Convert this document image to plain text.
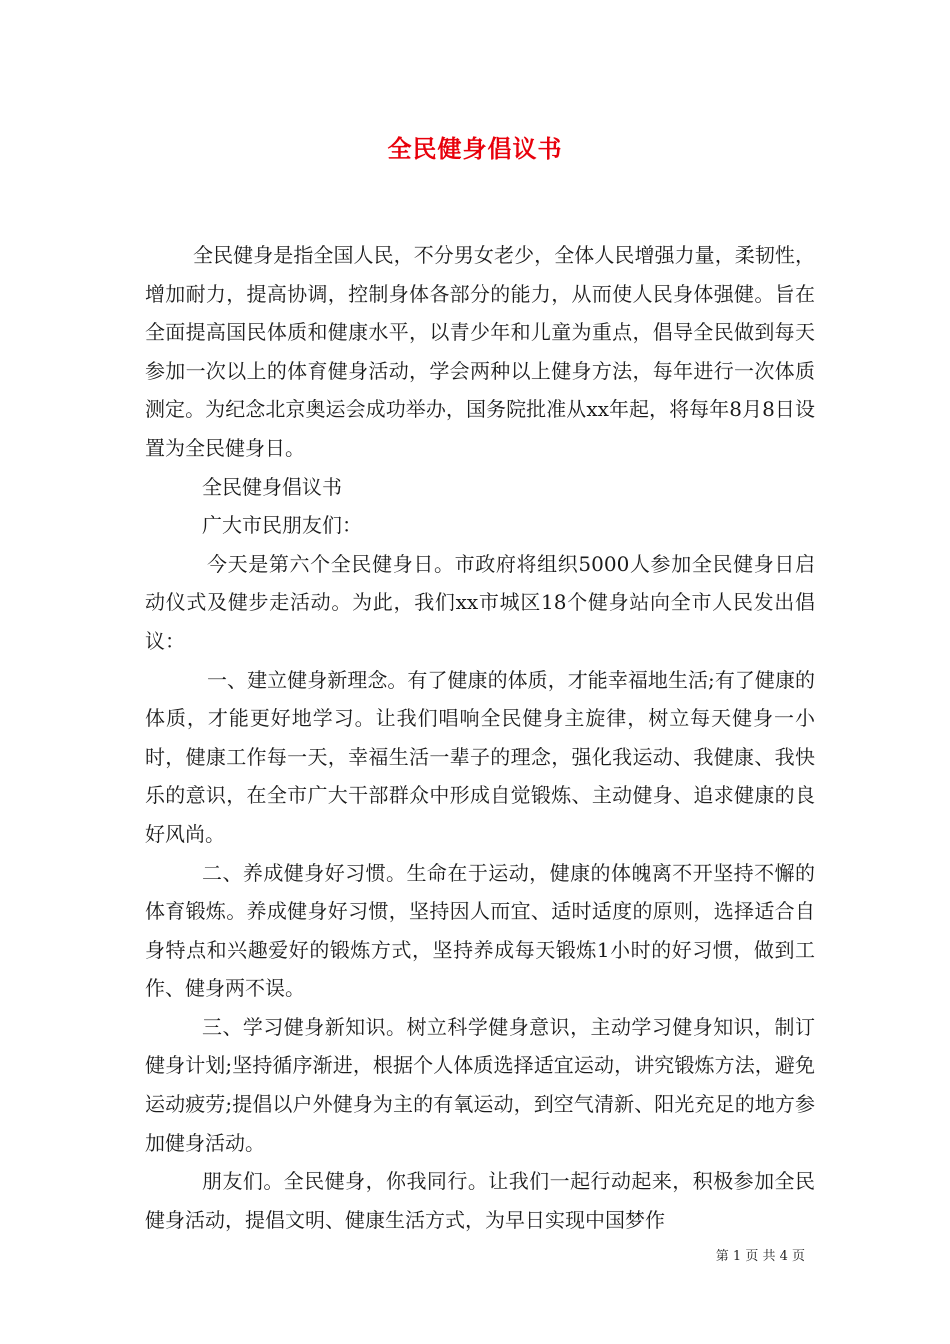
全民健身倡议书

全民健身是指全国人民，不分男女老少，全体人民增强力量，柔韧性，增加耐力，提高协调，控制身体各部分的能力，从而使人民身体强健。旨在全面提高国民体质和健康水平，以青少年和儿童为重点，倡导全民做到每天参加一次以上的体育健身活动，学会两种以上健身方法，每年进行一次体质测定。为纪念北京奥运会成功举办，国务院批准从xx年起，将每年8月8日设置为全民健身日。

全民健身倡议书

广大市民朋友们：

今天是第六个全民健身日。市政府将组织5000人参加全民健身日启动仪式及健步走活动。为此，我们xx市城区18个健身站向全市人民发出倡议：

一、建立健身新理念。有了健康的体质，才能幸福地生活;有了健康的体质，才能更好地学习。让我们唱响全民健身主旋律，树立每天健身一小时，健康工作每一天，幸福生活一辈子的理念，强化我运动、我健康、我快乐的意识，在全市广大干部群众中形成自觉锻炼、主动健身、追求健康的良好风尚。

二、养成健身好习惯。生命在于运动，健康的体魄离不开坚持不懈的体育锻炼。养成健身好习惯，坚持因人而宜、适时适度的原则，选择适合自身特点和兴趣爱好的锻炼方式，坚持养成每天锻炼1小时的好习惯，做到工作、健身两不误。

三、学习健身新知识。树立科学健身意识，主动学习健身知识，制订健身计划;坚持循序渐进，根据个人体质选择适宜运动，讲究锻炼方法，避免运动疲劳;提倡以户外健身为主的有氧运动，到空气清新、阳光充足的地方参加健身活动。

朋友们。全民健身，你我同行。让我们一起行动起来，积极参加全民健身活动，提倡文明、健康生活方式，为早日实现中国梦作

第 1 页 共 4 页
